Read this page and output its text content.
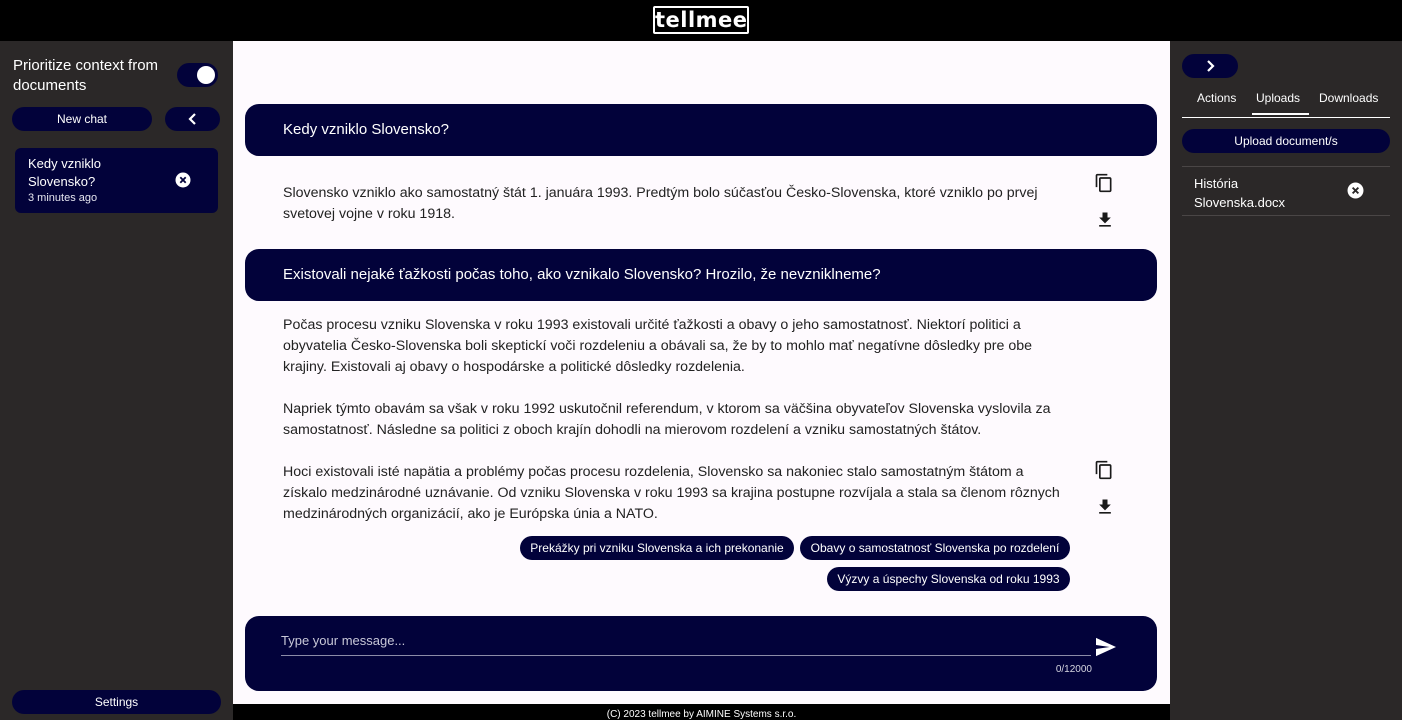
tellmee
Prioritize context from documents
New chat
Kedy vzniklo Slovensko?
3 minutes ago
Settings
Kedy vzniklo Slovensko?

Slovensko vzniklo ako samostatný štát 1. januára 1993. Predtým bolo súčasťou Česko-Slovenska, ktoré vzniklo po prvej svetovej vojne v roku 1918.

Existovali nejaké ťažkosti počas toho, ako vznikalo Slovensko? Hrozilo, že nevzniklneme?

Počas procesu vzniku Slovenska v roku 1993 existovali určité ťažkosti a obavy o jeho samostatnosť. Niektorí politici a obyvatelia Česko-Slovenska boli skeptickí voči rozdeleniu a obávali sa, že by to mohlo mať negatívne dôsledky pre obe krajiny. Existovali aj obavy o hospodárske a politické dôsledky rozdelenia.

Napriek týmto obavám sa však v roku 1992 uskutočnil referendum, v ktorom sa väčšina obyvateľov Slovenska vyslovila za samostatnosť. Následne sa politici z oboch krajín dohodli na mierovom rozdelení a vzniku samostatných štátov.

Hoci existovali isté napätia a problémy počas procesu rozdelenia, Slovensko sa nakoniec stalo samostatným štátom a získalo medzinárodné uznávanie. Od vzniku Slovenska v roku 1993 sa krajina postupne rozvíjala a stala sa členom rôznych medzinárodných organizácií, ako je Európska únia a NATO.

Prekážky pri vzniku Slovenska a ich prekonanie	Obavy o samostatnosť Slovenska po rozdelení
Výzvy a úspechy Slovenska od roku 1993
Type your message...
0/12000
(C) 2023 tellmee by AIMINE Systems s.r.o.
Actions Uploads Downloads
Upload document/s
História Slovenska.docx
